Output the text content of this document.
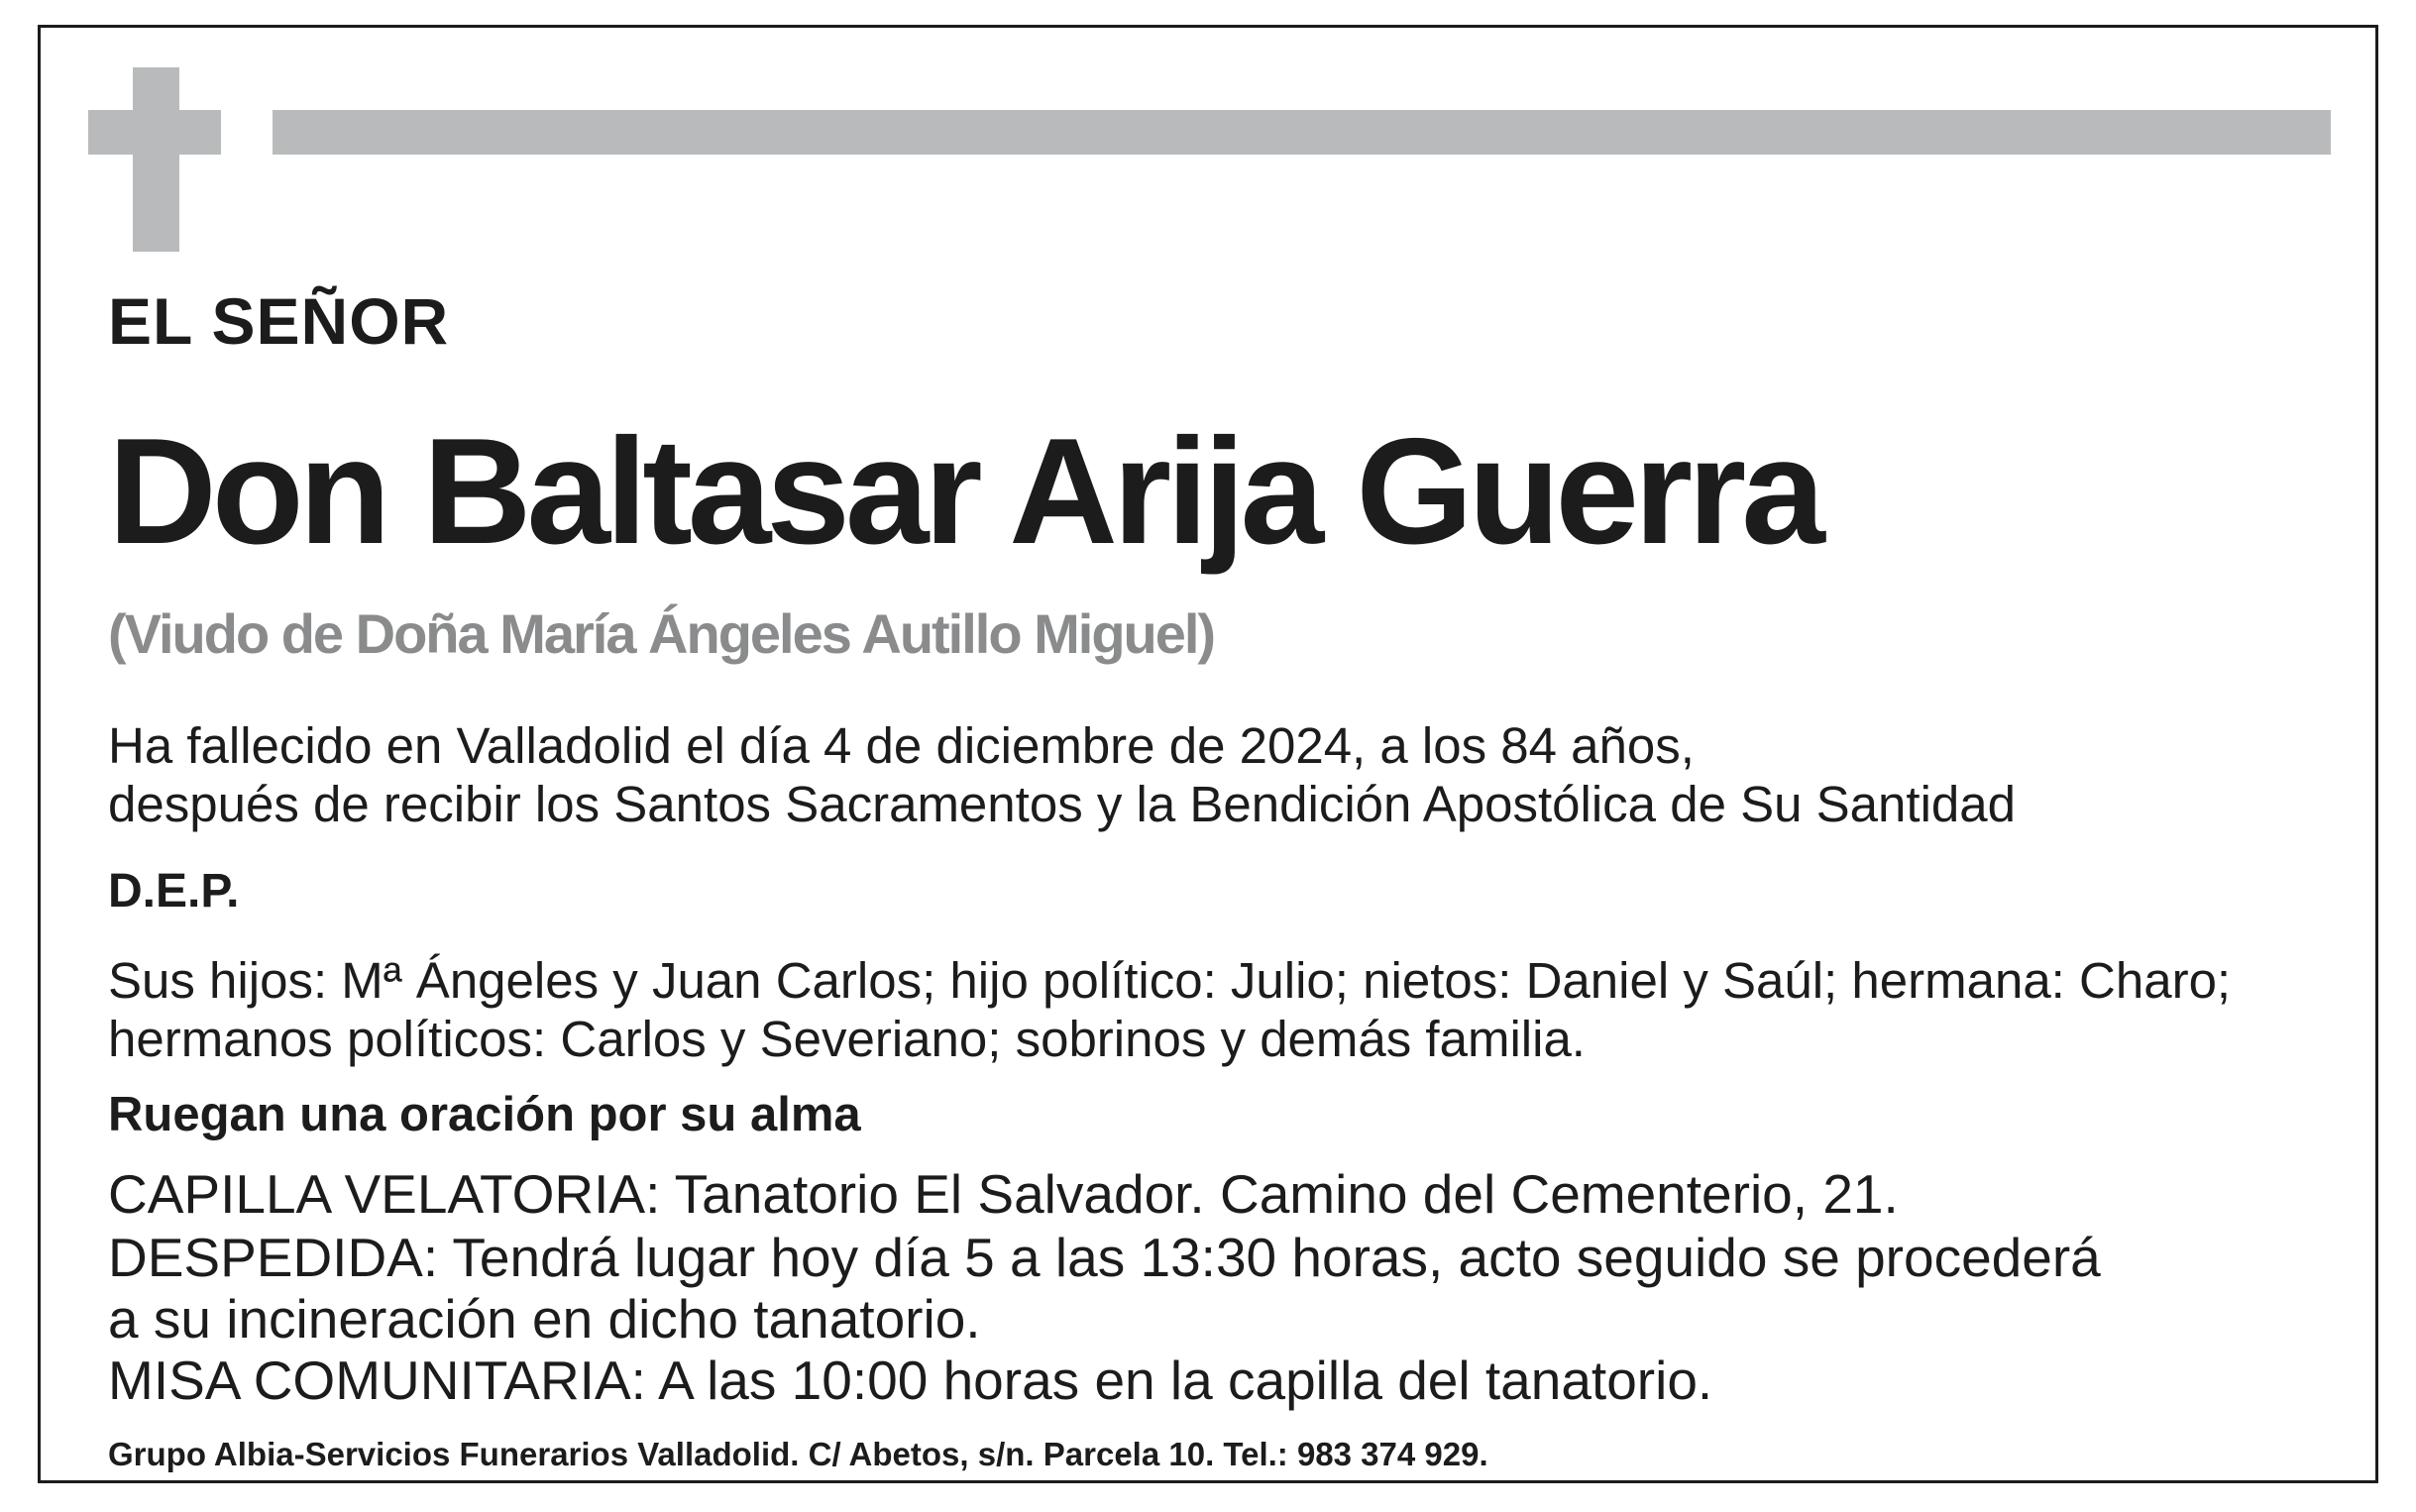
EL SEÑOR

Don Baltasar Arija Guerra

(Viudo de Doña María Ángeles Autillo Miguel)

Ha fallecido en Valladolid el día 4 de diciembre de 2024, a los 84 años,
después de recibir los Santos Sacramentos y la Bendición Apostólica de Su Santidad

D.E.P.

Sus hijos: Mª Ángeles y Juan Carlos; hijo político: Julio; nietos: Daniel y Saúl; hermana: Charo;
hermanos políticos: Carlos y Severiano; sobrinos y demás familia.

Ruegan una oración por su alma

CAPILLA VELATORIA: Tanatorio El Salvador. Camino del Cementerio, 21.

DESPEDIDA: Tendrá lugar hoy día 5 a las 13:30 horas, acto seguido se procederá

a su incineración en dicho tanatorio.

MISA COMUNITARIA: A las 10:00 horas en la capilla del tanatorio.

Grupo Albia-Servicios Funerarios Valladolid. C/ Abetos, s/n. Parcela 10. Tel.: 983 374 929.
